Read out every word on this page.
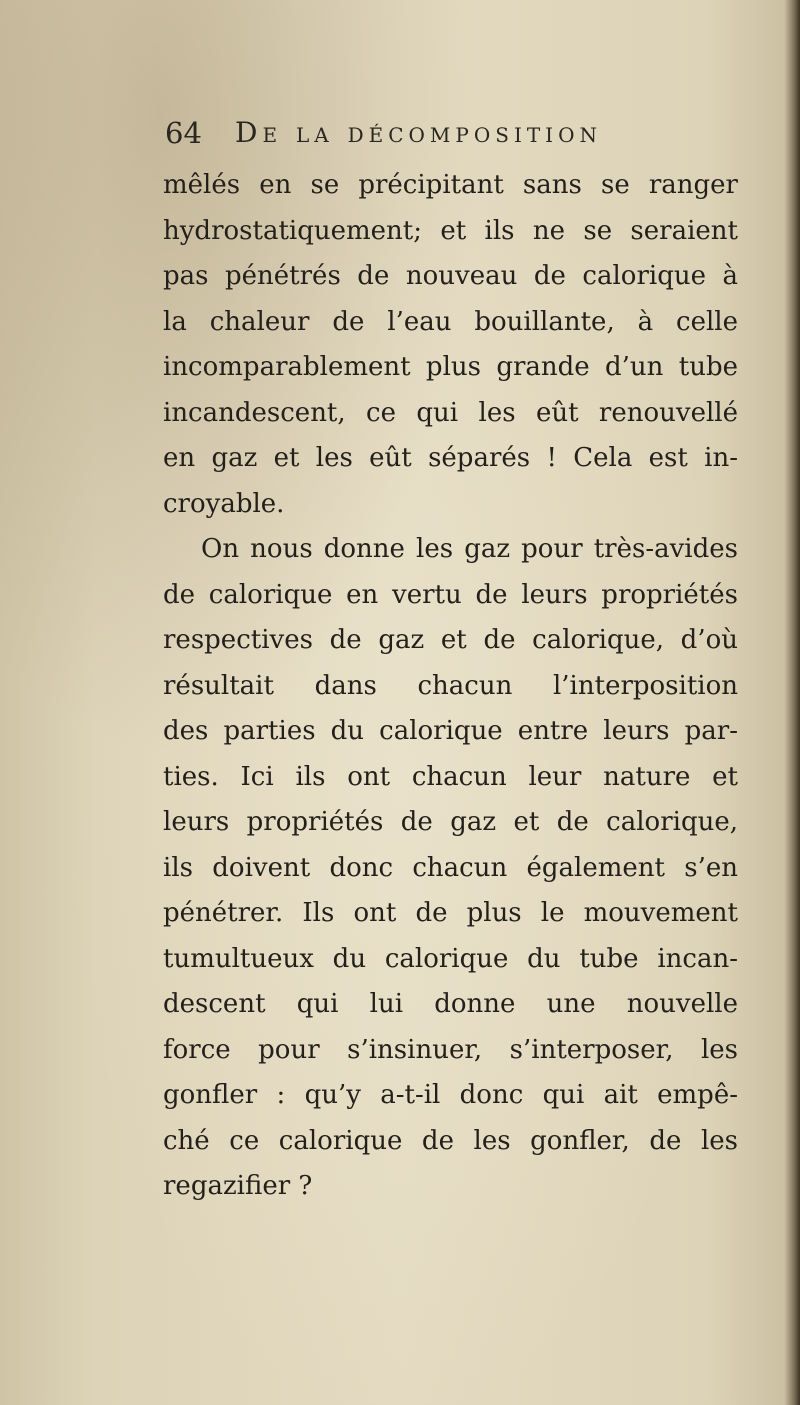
64 De la décomposition
mêlés en se précipitant sans se ranger
hydrostatiquement; et ils ne se seraient
pas pénétrés de nouveau de calorique à
la chaleur de l’eau bouillante, à celle
incomparablement plus grande d’un tube
incandescent, ce qui les eût renouvellé
en gaz et les eût séparés ! Cela est in-
croyable.
On nous donne les gaz pour très-avides
de calorique en vertu de leurs propriétés
respectives de gaz et de calorique, d’où
résultait dans chacun l’interposition
des parties du calorique entre leurs par-
ties. Ici ils ont chacun leur nature et
leurs propriétés de gaz et de calorique,
ils doivent donc chacun également s’en
pénétrer. Ils ont de plus le mouvement
tumultueux du calorique du tube incan-
descent qui lui donne une nouvelle
force pour s’insinuer, s’interposer, les
gonfler : qu’y a-t-il donc qui ait empê-
ché ce calorique de les gonfler, de les
regazifier ?
